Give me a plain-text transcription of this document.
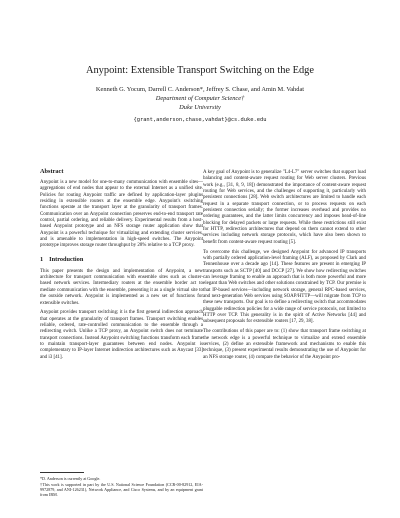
Anypoint: Extensible Transport Switching on the Edge
Kenneth G. Yocum, Darrell C. Anderson*, Jeffrey S. Chase, and Amin M. Vahdat
Department of Computer Science†
Duke University
{grant,anderson,chase,vahdat}@cs.duke.edu
Abstract

Anypoint is a new model for one-to-many communication with ensemble sites—aggregations of end nodes that appear to the external Internet as a unified site. Policies for routing Anypoint traffic are defined by application-layer plugins residing in extensible routers at the ensemble edge. Anypoint's switching functions operate at the transport layer at the granularity of transport frames. Communication over an Anypoint connection preserves end-to-end transport rate control, partial ordering, and reliable delivery. Experimental results from a host-based Anypoint prototype and an NFS storage router application show that Anypoint is a powerful technique for virtualizing and extending cluster services, and is amenable to implementation in high-speed switches. The Anypoint prototype improves storage router throughput by 28% relative to a TCP proxy.

1 Introduction

This paper presents the design and implementation of Anypoint, a new architecture for transport communication with ensemble sites such as cluster-based network services. Intermediary routers at the ensemble border act to mediate communication with the ensemble, presenting it as a single virtual site to the outside network. Anypoint is implemented as a new set of functions for extensible switches.

Anypoint provides transport switching; it is the first general indirection approach that operates at the granularity of transport frames. Transport switching enables reliable, ordered, rate-controlled communication to the ensemble through a redirecting switch. Unlike a TCP proxy, an Anypoint switch does not terminate transport connections. Instead Anypoint switching functions transform each frame to maintain transport-layer guarantees between end nodes. Anypoint is complementary to IP-layer Internet indirection architectures such as Anycast [33] and i3 [41].

*D. Anderson is currently at Google.
†This work is supported in part by the U.S. National Science Foundation (CCR-00-82912, EIA-9972879, and ANI-126231), Network Appliance, and Cisco Systems, and by an equipment grant from IBM.

A key goal of Anypoint is to generalize "L4-L7" server switches that support load balancing and content-aware request routing for Web server clusters. Previous work (e.g., [31, 8, 9, 18]) demonstrated the importance of content-aware request routing for Web services, and the challenges of supporting it, particularly with persistent connections [28]. Web switch architectures are limited to handle each request in a separate transport connection, or to process requests on each persistent connection serially; the former increases overhead and provides no ordering guarantees, and the latter limits concurrency and imposes head-of-line blocking for delayed packets or large requests. While these restrictions still exist for HTTP, redirection architectures that depend on them cannot extend to other services including network storage protocols, which have also been shown to benefit from content-aware request routing [5].

To overcome this challenge, we designed Anypoint for advanced IP transports with partially ordered application-level framing (ALF), as proposed by Clark and Tennenhouse over a decade ago [14]. These features are present in emerging IP transports such as SCTP [40] and DCCP [27]. We show how redirecting switches can leverage framing to enable an approach that is both more powerful and more elegant than Web switches and other solutions constrained by TCP. Our premise is that IP-based services—including network storage, general RPC-based services, and next-generation Web services using SOAP/HTTP—will migrate from TCP to these new transports. Our goal is to define a redirecting switch that accommodates pluggable redirection policies for a wide range of service protocols, not limited to HTTP over TCP. This generality is in the spirit of Active Networks [44] and subsequent proposals for extensible routers [17, 29, 38].

The contributions of this paper are to: (1) show that transport frame switching at the network edge is a powerful technique to virtualize and extend ensemble services, (2) define an extensible framework and mechanisms to enable this technique, (3) present experimental results demonstrating the use of Anypoint for an NFS storage router, (4) compare the behavior of the Anypoint pro-
